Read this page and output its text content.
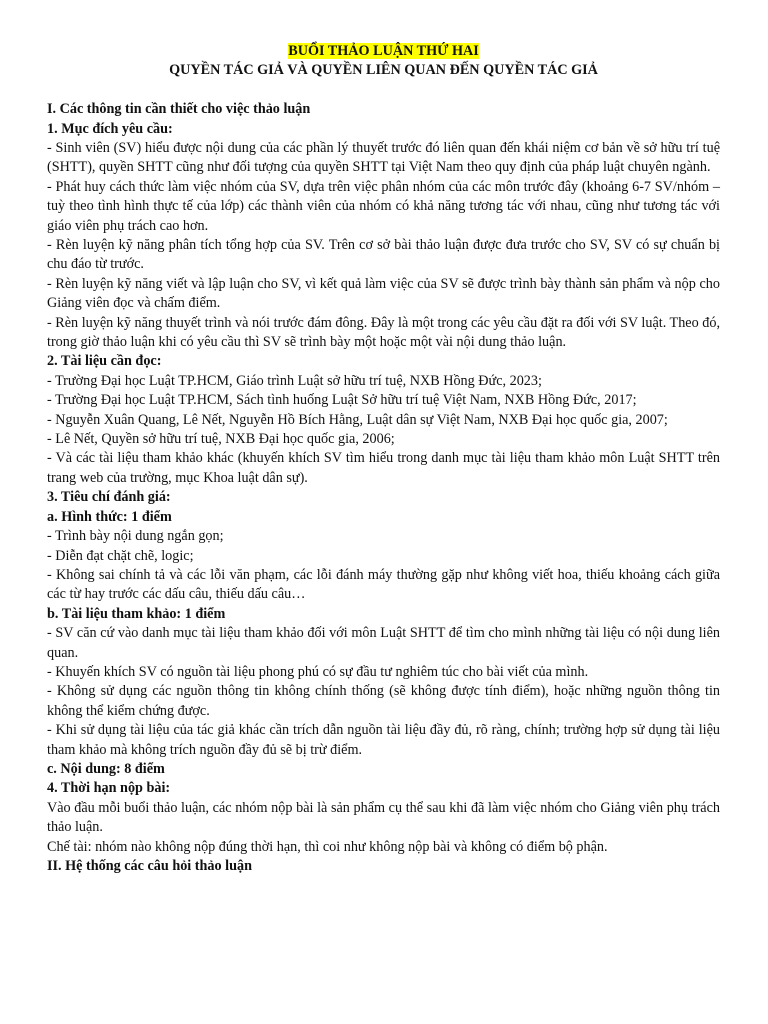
BUỔI THẢO LUẬN THỨ HAI
QUYỀN TÁC GIẢ VÀ QUYỀN LIÊN QUAN ĐẾN QUYỀN TÁC GIẢ

I. Các thông tin cần thiết cho việc thảo luận

1. Mục đích yêu cầu:

- Sinh viên (SV) hiểu được nội dung của các phần lý thuyết trước đó liên quan đến khái niệm cơ bản về sở hữu trí tuệ (SHTT), quyền SHTT cũng như đối tượng của quyền SHTT tại Việt Nam theo quy định của pháp luật chuyên ngành.

- Phát huy cách thức làm việc nhóm của SV, dựa trên việc phân nhóm của các môn trước đây (khoảng 6-7 SV/nhóm – tuỳ theo tình hình thực tế của lớp) các thành viên của nhóm có khả năng tương tác với nhau, cũng như tương tác với giáo viên phụ trách cao hơn.

- Rèn luyện kỹ năng phân tích tổng hợp của SV. Trên cơ sở bài thảo luận được đưa trước cho SV, SV có sự chuẩn bị chu đáo từ trước.

- Rèn luyện kỹ năng viết và lập luận cho SV, vì kết quả làm việc của SV sẽ được trình bày thành sản phẩm và nộp cho Giảng viên đọc và chấm điểm.

- Rèn luyện kỹ năng thuyết trình và nói trước đám đông. Đây là một trong các yêu cầu đặt ra đối với SV luật. Theo đó, trong giờ thảo luận khi có yêu cầu thì SV sẽ trình bày một hoặc một vài nội dung thảo luận.

2. Tài liệu cần đọc:

- Trường Đại học Luật TP.HCM, Giáo trình Luật sở hữu trí tuệ, NXB Hồng Đức, 2023;

- Trường Đại học Luật TP.HCM, Sách tình huống Luật Sở hữu trí tuệ Việt Nam, NXB Hồng Đức, 2017;

- Nguyễn Xuân Quang, Lê Nết, Nguyễn Hồ Bích Hằng, Luật dân sự Việt Nam, NXB Đại học quốc gia, 2007;

- Lê Nết, Quyền sở hữu trí tuệ, NXB Đại học quốc gia, 2006;

- Và các tài liệu tham khảo khác (khuyến khích SV tìm hiểu trong danh mục tài liệu tham khảo môn Luật SHTT trên trang web của trường, mục Khoa luật dân sự).

3. Tiêu chí đánh giá:

a. Hình thức: 1 điểm

- Trình bày nội dung ngắn gọn;

- Diễn đạt chặt chẽ, logic;

- Không sai chính tả và các lỗi văn phạm, các lỗi đánh máy thường gặp như không viết hoa, thiếu khoảng cách giữa các từ hay trước các dấu câu, thiếu dấu câu…

b. Tài liệu tham khảo: 1 điểm

- SV căn cứ vào danh mục tài liệu tham khảo đối với môn Luật SHTT để tìm cho mình những tài liệu có nội dung liên quan.

- Khuyến khích SV có nguồn tài liệu phong phú có sự đầu tư nghiêm túc cho bài viết của mình.

- Không sử dụng các nguồn thông tin không chính thống (sẽ không được tính điểm), hoặc những nguồn thông tin không thể kiểm chứng được.

- Khi sử dụng tài liệu của tác giả khác cần trích dẫn nguồn tài liệu đầy đủ, rõ ràng, chính; trường hợp sử dụng tài liệu tham khảo mà không trích nguồn đầy đủ sẽ bị trừ điểm.

c. Nội dung: 8 điểm

4. Thời hạn nộp bài:

Vào đầu mỗi buổi thảo luận, các nhóm nộp bài là sản phẩm cụ thể sau khi đã làm việc nhóm cho Giảng viên phụ trách thảo luận.

Chế tài: nhóm nào không nộp đúng thời hạn, thì coi như không nộp bài và không có điểm bộ phận.

II. Hệ thống các câu hỏi thảo luận
